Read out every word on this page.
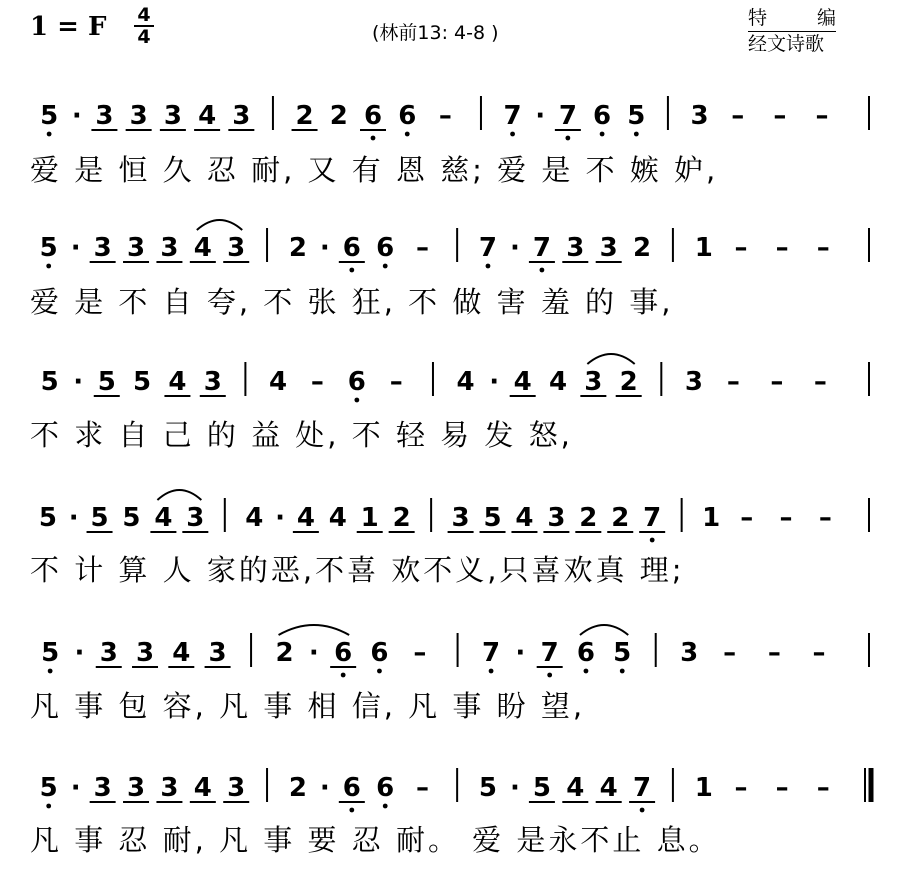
1 = F 4
4	(林前13: 4-8 )
特	编
经文诗歌
5 · 3 3 3 4 3 2 2 6 6 – 7 · 7 6 5 3 – – –
5 · 3 3 3 4 3 2 · 6 6 – 7 · 7 3 3 2 1 – – –
5 · 5 5 4 3 4 – 6 – 4 · 4 4 3 2 3 – – –
5 · 5 5 4 3 4 · 4 4 1 2 3 5 4 3 2 2 7 1 – – –
5 · 3 3 4 3 2 · 6 6 – 7 · 7 6 5 3 – – –
5 · 3 3 3 4 3 2 · 6 6 – 5 · 5 4 4 7 1 – – –
爱 是 恒 久 忍 耐, 又 有 恩 慈; 爱 是 不 嫉 妒,
爱 是 不 自 夸, 不 张 狂, 不 做 害 羞 的 事,
不 求 自 己 的 益 处, 不 轻 易 发 怒,
不 计 算 人 家的恶,不喜 欢不义,只喜欢真 理;
凡 事 包 容, 凡 事 相 信, 凡 事 盼 望,
凡 事 忍 耐, 凡 事 要 忍 耐。 爱 是永不止 息。
